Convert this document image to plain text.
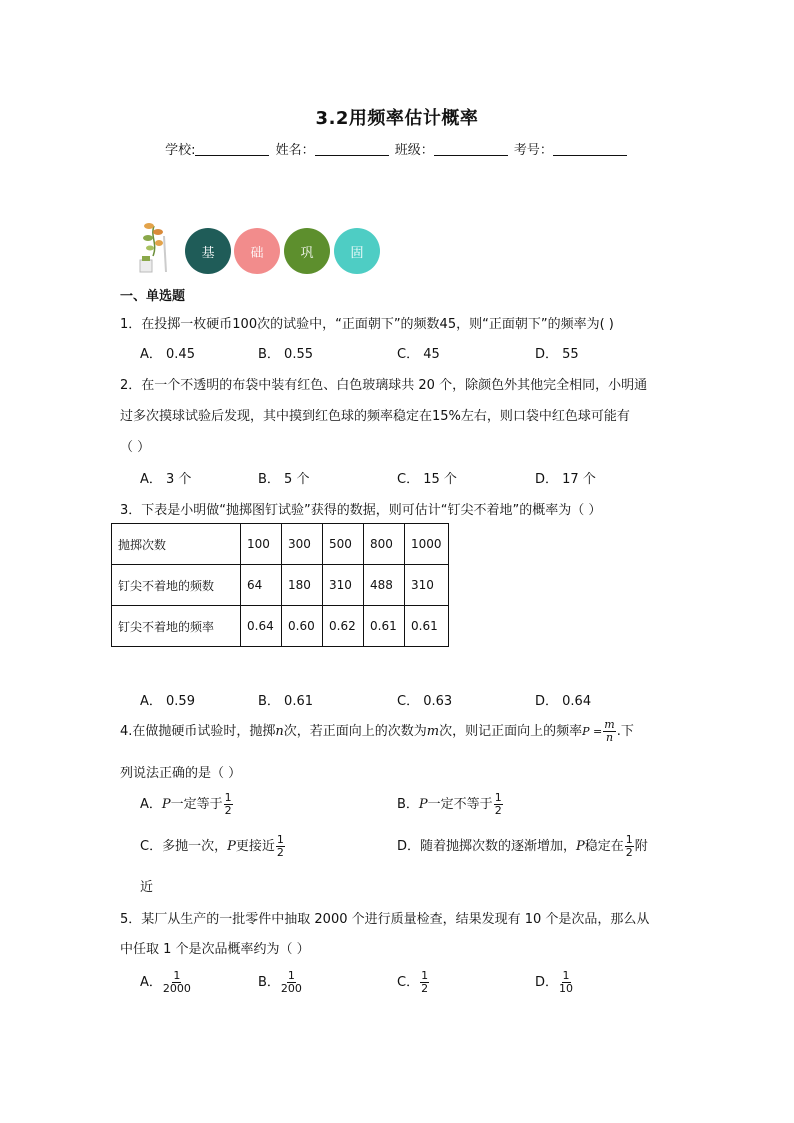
3.2用频率估计概率
学校:	姓名：	班级：	考号：
基	础	巩	固
一、单选题
1．在投掷一枚硬币100次的试验中，“正面朝下”的频数45，则“正面朝下”的频率为( )
A． 0.45	B． 0.55	C． 45	D． 55
2．在一个不透明的布袋中装有红色、白色玻璃球共 20 个，除颜色外其他完全相同，小明通
过多次摸球试验后发现，其中摸到红色球的频率稳定在15%左右，则口袋中红色球可能有
（ ）
A． 3 个	B． 5 个	C． 15 个	D． 17 个
3．下表是小明做“抛掷图钉试验”获得的数据，则可估计“钉尖不着地”的概率为（ ）
抛掷次数	100	300	500	800	1000
钉尖不着地的频数	64	180	310	488	310
钉尖不着地的频率	0.64	0.60	0.62	0.61	0.61
A． 0.59	B． 0.61	C． 0.63	D． 0.64
4.在做抛硬币试验时，抛掷n次，若正面向上的次数为m次，则记正面向上的频率$P = \frac{m}{n}$ .下
列说法正确的是（ ）
A．P一定等于 $\frac{1}{2}$	B．P一定不等于 $\frac{1}{2}$
C．多抛一次，P更接近 $\frac{1}{2}$	D．随着抛掷次数的逐渐增加，P稳定在 $\frac{1}{2}$ 附
近
5．某厂从生产的一批零件中抽取 2000 个进行质量检查，结果发现有 10 个是次品，那么从
中任取 1 个是次品概率约为（ ）
A． $\frac{1}{2000}$	B． $\frac{1}{200}$	C． $\frac{1}{2}$	D． $\frac{1}{10}$
